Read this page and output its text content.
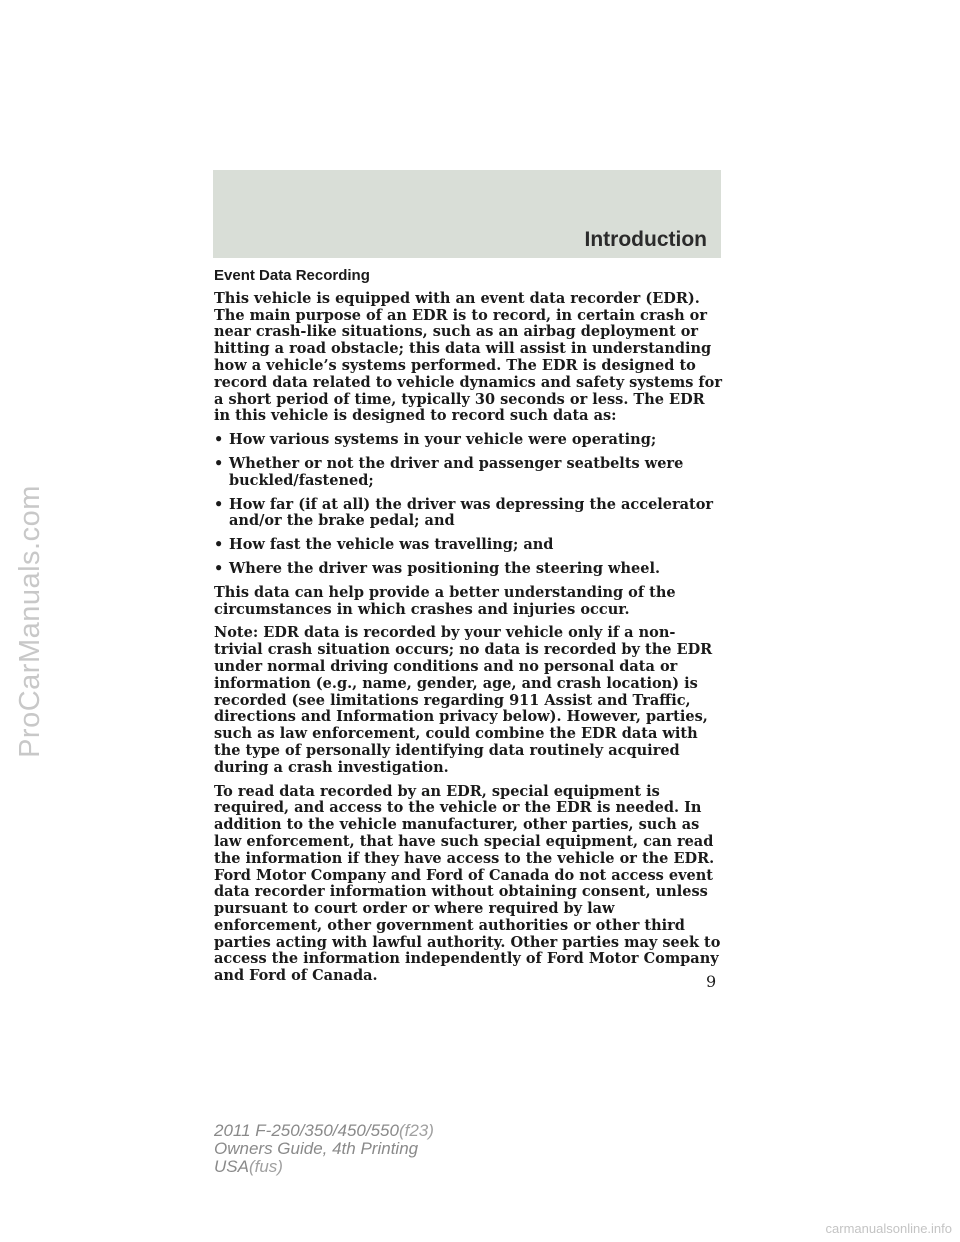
ProCarManuals.com
Introduction
Event Data Recording

This vehicle is equipped with an event data recorder (EDR). The main purpose of an EDR is to record, in certain crash or near crash-like situations, such as an airbag deployment or hitting a road obstacle; this data will assist in understanding how a vehicle’s systems performed. The EDR is designed to record data related to vehicle dynamics and safety systems for a short period of time, typically 30 seconds or less. The EDR in this vehicle is designed to record such data as:

• How various systems in your vehicle were operating;
• Whether or not the driver and passenger seatbelts were buckled/fastened;
• How far (if at all) the driver was depressing the accelerator and/or the brake pedal; and
• How fast the vehicle was travelling; and
• Where the driver was positioning the steering wheel.

This data can help provide a better understanding of the circumstances in which crashes and injuries occur.

Note: EDR data is recorded by your vehicle only if a non-trivial crash situation occurs; no data is recorded by the EDR under normal driving conditions and no personal data or information (e.g., name, gender, age, and crash location) is recorded (see limitations regarding 911 Assist and Traffic, directions and Information privacy below). However, parties, such as law enforcement, could combine the EDR data with the type of personally identifying data routinely acquired during a crash investigation.

To read data recorded by an EDR, special equipment is required, and access to the vehicle or the EDR is needed. In addition to the vehicle manufacturer, other parties, such as law enforcement, that have such special equipment, can read the information if they have access to the vehicle or the EDR. Ford Motor Company and Ford of Canada do not access event data recorder information without obtaining consent, unless pursuant to court order or where required by law enforcement, other government authorities or other third parties acting with lawful authority. Other parties may seek to access the information independently of Ford Motor Company and Ford of Canada.	9
2011 F-250/350/450/550(f23)
Owners Guide, 4th Printing
USA(fus)
carmanualsonline.info
